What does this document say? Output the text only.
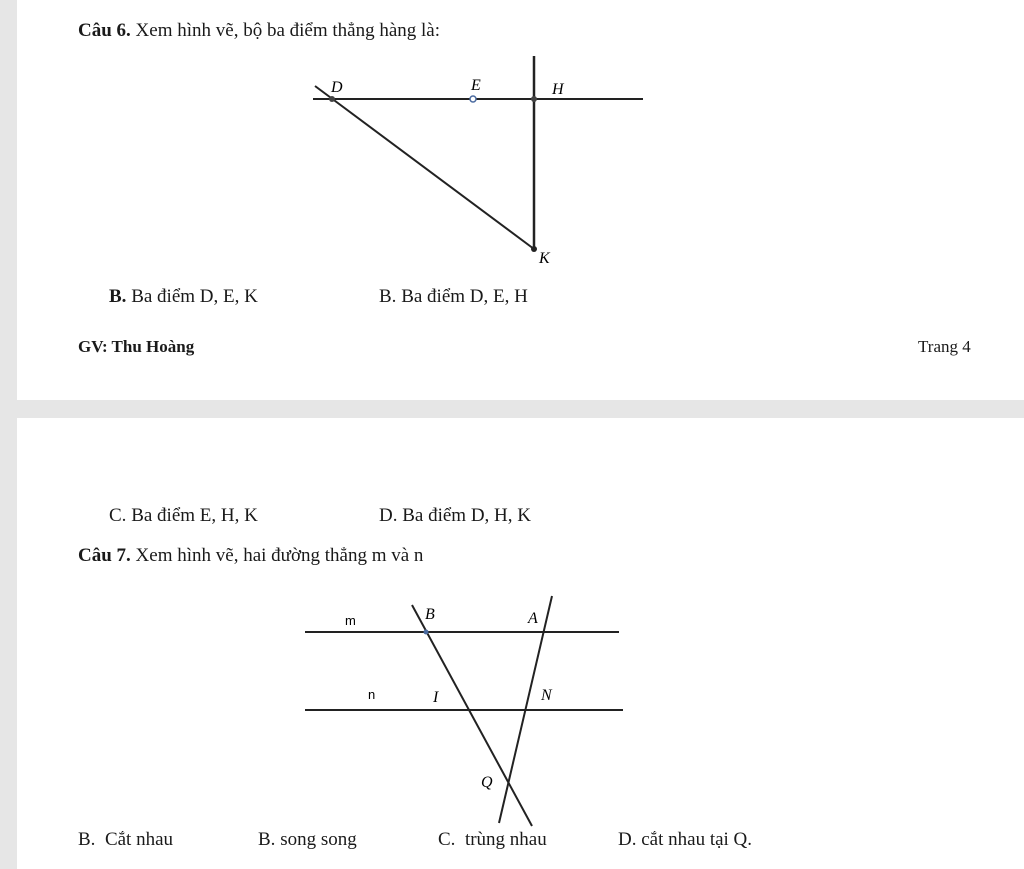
Câu 6. Xem hình vẽ, bộ ba điểm thẳng hàng là:
D	E	H
K
B. Ba điểm D, E, K	B. Ba điểm D, E, H
GV: Thu Hoàng	Trang 4
C. Ba điểm E, H, K	D. Ba điểm D, H, K
Câu 7. Xem hình vẽ, hai đường thẳng m và n
m
n
B	A
I	N
Q
B. Cắt nhau	B. song song	C. trùng nhau	D. cắt nhau tại Q.
